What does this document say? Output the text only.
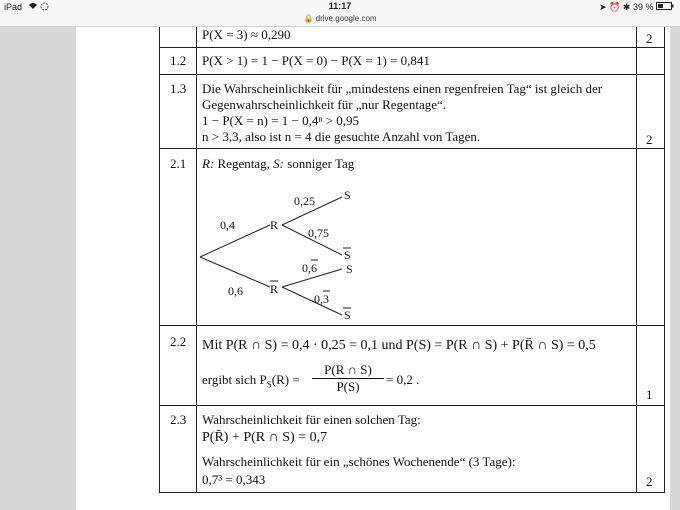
iPad	11:17	➤ ⏰ ✱ 39 %
🔒 drive.google.com
P(X = 3) ≈ 0,290	2
1.2 P(X > 1) = 1 − P(X = 0) − P(X = 1) = 0,841
1.3 Die Wahrscheinlichkeit für „mindestens einen regenfreien Tag“ ist gleich der
Gegenwahrscheinlichkeit für „nur Regentage“.
1 − P(X = n) = 1 − 0,4ⁿ > 0,95
n > 3,3, also ist n = 4 die gesuchte Anzahl von Tagen.	2
2.1 R: Regentag, S: sonniger Tag
0,4
0,6
R
R
0,25
0,75
0,6
0,3
S
S
S
S
2.2 Mit P(R ∩ S) = 0,4 · 0,25 = 0,1 und P(S) = P(R ∩ S) + P(R̄ ∩ S) = 0,5
ergibt sich $P_S(R) = \frac{P(R \cap S)}{P(S)} = 0,2$ .
1
2.3 Wahrscheinlichkeit für einen solchen Tag:
P(R̄) + P(R ∩ S) = 0,7
Wahrscheinlichkeit für ein „schönes Wochenende“ (3 Tage):
0,7³ = 0,343	2
